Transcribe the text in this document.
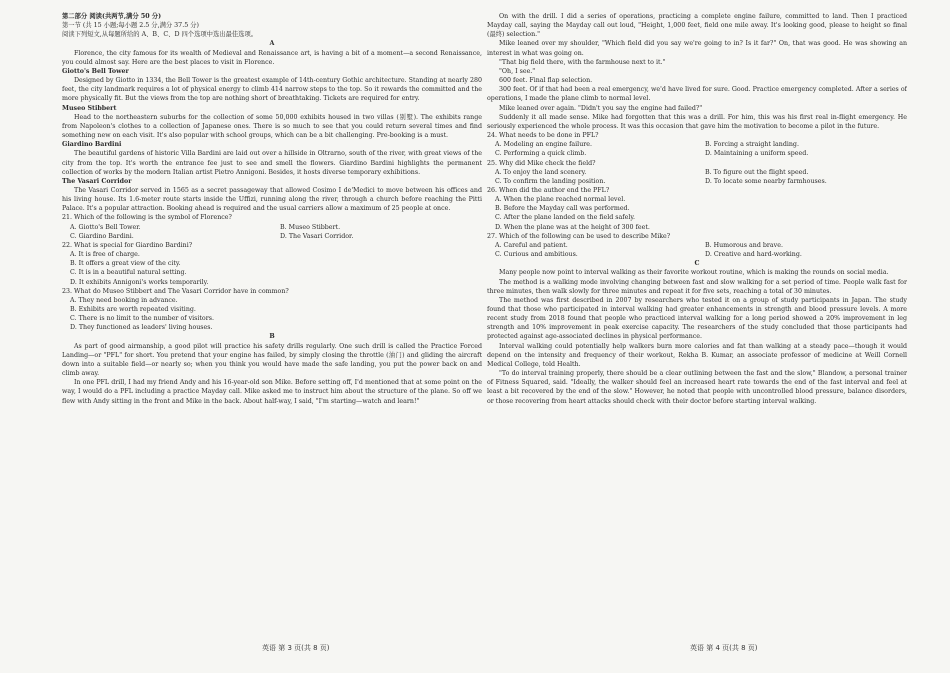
第二部分 阅读(共两节,满分 50 分)

第一节 (共 15 小题;每小题 2.5 分,满分 37.5 分)

阅读下列短文,从每题所给的 A、B、C、D 四个选项中选出最佳选项。

A

Florence, the city famous for its wealth of Medieval and Renaissance art, is having a bit of a moment—a second Renaissance, you could almost say. Here are the best places to visit in Florence.

Giotto's Bell Tower

Designed by Giotto in 1334, the Bell Tower is the greatest example of 14th-century Gothic architecture. Standing at nearly 280 feet, the city landmark requires a lot of physical energy to climb 414 narrow steps to the top. So it rewards the committed and the more physically fit. But the views from the top are nothing short of breathtaking. Tickets are required for entry.

Museo Stibbert

Head to the northeastern suburbs for the collection of some 50,000 exhibits housed in two villas (别墅). The exhibits range from Napoleon's clothes to a collection of Japanese ones. There is so much to see that you could return several times and find something new on each visit. It's also popular with school groups, which can be a bit challenging. Pre-booking is a must.

Giardino Bardini

The beautiful gardens of historic Villa Bardini are laid out over a hillside in Oltrarno, south of the river, with great views of the city from the top. It's worth the entrance fee just to see and smell the flowers. Giardino Bardini highlights the permanent collection of works by the modern Italian artist Pietro Annigoni. Besides, it hosts diverse temporary exhibitions.

The Vasari Corridor

The Vasari Corridor served in 1565 as a secret passageway that allowed Cosimo I de'Medici to move between his offices and his living house. Its 1.6-meter route starts inside the Uffizi, running along the river, through a church before reaching the Pitti Palace. It's a popular attraction. Booking ahead is required and the usual carriers allow a maximum of 25 people at once.

21. Which of the following is the symbol of Florence?

A. Giotto's Bell Tower.	B. Museo Stibbert.
C. Giardino Bardini.	D. The Vasari Corridor.

22. What is special for Giardino Bardini?

A. It is free of charge.
B. It offers a great view of the city.
C. It is in a beautiful natural setting.
D. It exhibits Annigoni's works temporarily.

23. What do Museo Stibbert and The Vasari Corridor have in common?

A. They need booking in advance.
B. Exhibits are worth repeated visiting.
C. There is no limit to the number of visitors.
D. They functioned as leaders' living houses.

B

As part of good airmanship, a good pilot will practice his safety drills regularly. One such drill is called the Practice Forced Landing—or "PFL" for short. You pretend that your engine has failed, by simply closing the throttle (油门) and gliding the aircraft down into a suitable field—or nearly so; when you think you would have made the safe landing, you put the power back on and climb away.

In one PFL drill, I had my friend Andy and his 16-year-old son Mike. Before setting off, I'd mentioned that at some point on the way, I would do a PFL including a practice Mayday call. Mike asked me to instruct him about the structure of the plane. So off we flew with Andy sitting in the front and Mike in the back. About half-way, I said, "I'm starting—watch and learn!"

On with the drill. I did a series of operations, practicing a complete engine failure, committed to land. Then I practiced Mayday call, saying the Mayday call out loud, "Height, 1,000 feet, field one mile away. It's looking good, please to height so final (最终) selection."

Mike leaned over my shoulder, "Which field did you say we're going to in? Is it far?" On, that was good. He was showing an interest in what was going on.

"That big field there, with the farmhouse next to it."

"Oh, I see."

600 feet. Final flap selection.

300 feet. Of if that had been a real emergency, we'd have lived for sure. Good. Practice emergency completed. After a series of operations, I made the plane climb to normal level.

Mike leaned over again. "Didn't you say the engine had failed?"

Suddenly it all made sense. Mike had forgotten that this was a drill. For him, this was his first real in-flight emergency. He seriously experienced the whole process. It was this occasion that gave him the motivation to become a pilot in the future.

24. What needs to be done in PFL?

A. Modeling an engine failure.	B. Forcing a straight landing.
C. Performing a quick climb.	D. Maintaining a uniform speed.

25. Why did Mike check the field?

A. To enjoy the land scenery.	B. To figure out the flight speed.
C. To confirm the landing position.	D. To locate some nearby farmhouses.

26. When did the author end the PFL?

A. When the plane reached normal level.
B. Before the Mayday call was performed.
C. After the plane landed on the field safely.
D. When the plane was at the height of 300 feet.

27. Which of the following can be used to describe Mike?

A. Careful and patient.	B. Humorous and brave.
C. Curious and ambitious.	D. Creative and hard-working.

C

Many people now point to interval walking as their favorite workout routine, which is making the rounds on social media.

The method is a walking mode involving changing between fast and slow walking for a set period of time. People walk fast for three minutes, then walk slowly for three minutes and repeat it for five sets, reaching a total of 30 minutes.

The method was first described in 2007 by researchers who tested it on a group of study participants in Japan. The study found that those who participated in interval walking had greater enhancements in strength and blood pressure levels. A more recent study from 2018 found that people who practiced interval walking for a long period showed a 20% improvement in leg strength and 10% improvement in peak exercise capacity. The researchers of the study concluded that those participants had protected against age-associated declines in physical performance.

Interval walking could potentially help walkers burn more calories and fat than walking at a steady pace—though it would depend on the intensity and frequency of their workout, Rekha B. Kumar, an associate professor of medicine at Weill Cornell Medical College, told Health.

"To do interval training properly, there should be a clear outlining between the fast and the slow," Blandow, a personal trainer of Fitness Squared, said. "Ideally, the walker should feel an increased heart rate towards the end of the fast interval and feel at least a bit recovered by the end of the slow." However, he noted that people with uncontrolled blood pressure, balance disorders, or those recovering from heart attacks should check with their doctor before starting interval walking.

英语 第 3 页(共 8 页)	英语 第 4 页(共 8 页)
